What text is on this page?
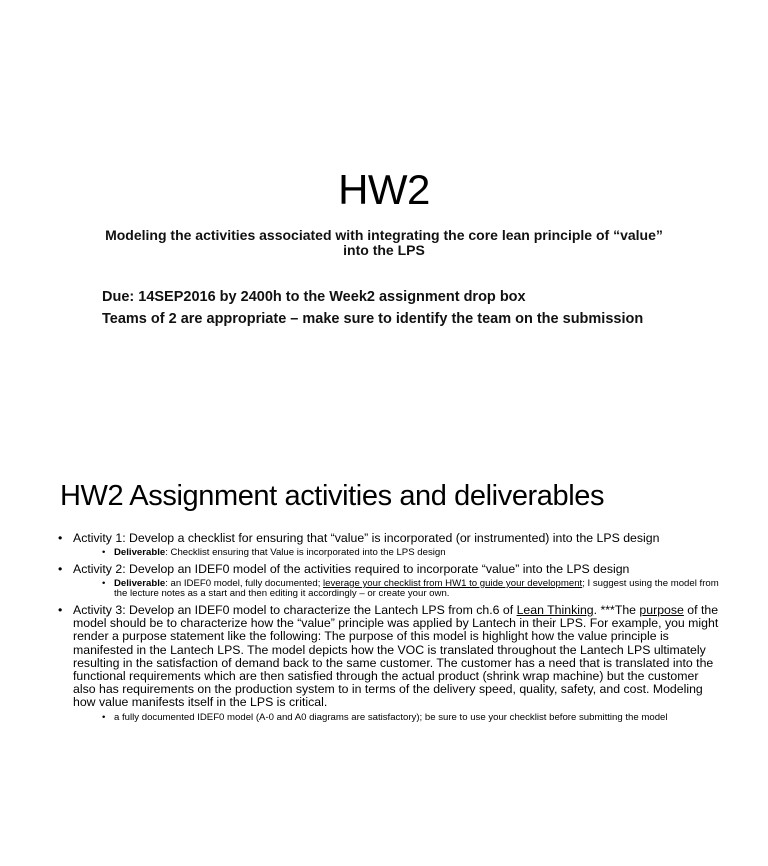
HW2
Modeling the activities associated with integrating the core lean principle of “value” into the LPS
Due: 14SEP2016 by 2400h to the Week2 assignment drop box
Teams of 2 are appropriate – make sure to identify the team on the submission
HW2 Assignment activities and deliverables
• Activity 1: Develop a checklist for ensuring that “value” is incorporated (or instrumented) into the LPS design
• Deliverable: Checklist ensuring that Value is incorporated into the LPS design
• Activity 2: Develop an IDEF0 model of the activities required to incorporate “value” into the LPS design
• Deliverable: an IDEF0 model, fully documented; leverage your checklist from HW1 to guide your development; I suggest using the model from the lecture notes as a start and then editing it accordingly – or create your own.
• Activity 3: Develop an IDEF0 model to characterize the Lantech LPS from ch.6 of Lean Thinking. ***The purpose of the model should be to characterize how the “value” principle was applied by Lantech in their LPS. For example, you might render a purpose statement like the following: The purpose of this model is highlight how the value principle is manifested in the Lantech LPS. The model depicts how the VOC is translated throughout the Lantech LPS ultimately resulting in the satisfaction of demand back to the same customer. The customer has a need that is translated into the functional requirements which are then satisfied through the actual product (shrink wrap machine) but the customer also has requirements on the production system to in terms of the delivery speed, quality, safety, and cost. Modeling how value manifests itself in the LPS is critical.
• a fully documented IDEF0 model (A-0 and A0 diagrams are satisfactory); be sure to use your checklist before submitting the model
